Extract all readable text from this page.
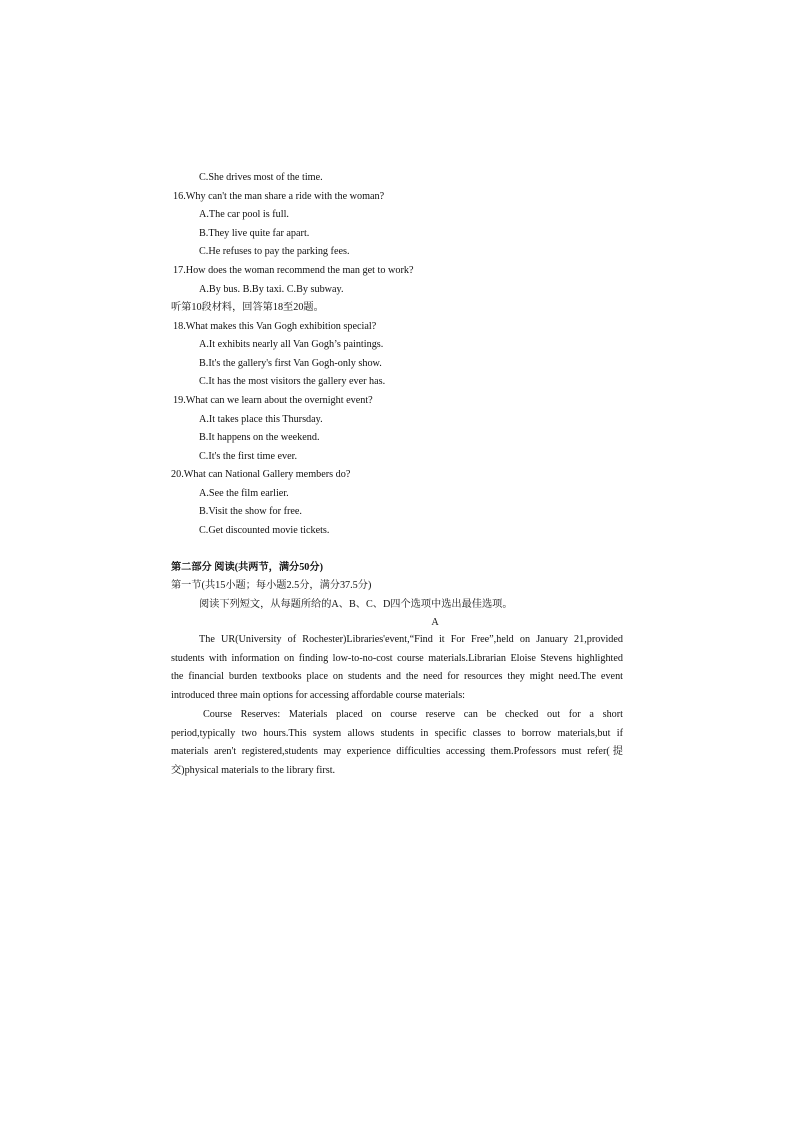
C.She drives most of the time.
16.Why can't the man share a ride with the woman?
A.The car pool is full.
B.They live quite far apart.
C.He refuses to pay the parking fees.
17.How does the woman recommend the man get to work?
A.By bus. B.By taxi. C.By subway.
听第10段材料，回答第18至20题。
18.What makes this Van Gogh exhibition special?
A.It exhibits nearly all Van Gogh’s paintings.
B.It's the gallery's first Van Gogh-only show.
C.It has the most visitors the gallery ever has.
19.What can we learn about the overnight event?
A.It takes place this Thursday.
B.It happens on the weekend.
C.It's the first time ever.
20.What can National Gallery members do?
A.See the film earlier.
B.Visit the show for free.
C.Get discounted movie tickets.
第二部分 阅读(共两节，满分50分)
第一节(共15小题；每小题2.5分，满分37.5分)
阅读下列短文，从每题所给的A、B、C、D四个选项中选出最佳选项。
A
The UR(University of Rochester)Libraries'event,“Find it For Free”,held on January 21,provided
students with information on finding low-to-no-cost course materials.Librarian Eloise Stevens highlighted
the financial burden textbooks place on students and the need for resources they might need.The event
introduced three main options for accessing affordable course materials:
Course Reserves: Materials placed on course reserve can be checked out for a short
period,typically two hours.This system allows students in specific classes to borrow materials,but if
materials aren't registered,students may experience difficulties accessing them.Professors must refer(提
交)physical materials to the library first.
